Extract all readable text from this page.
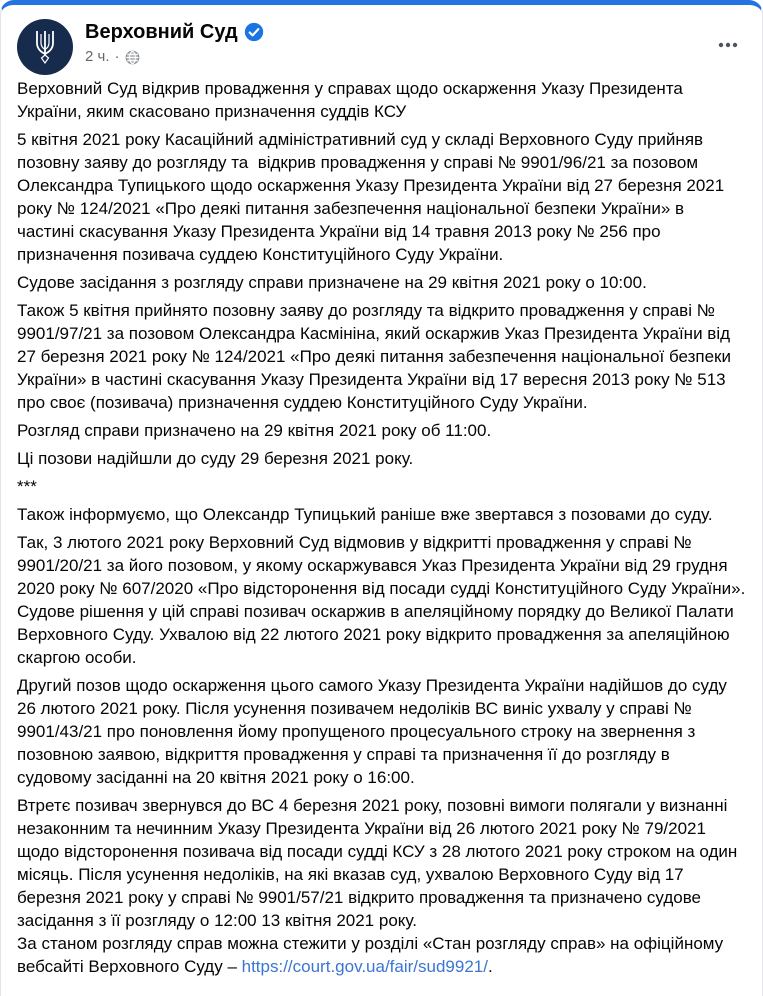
Верховний Суд
2 ч. ·

Верховний Суд відкрив провадження у справах щодо оскарження Указу Президента України, яким скасовано призначення суддів КСУ

5 квітня 2021 року Касаційний адміністративний суд у складі Верховного Суду прийняв позовну заяву до розгляду та  відкрив провадження у справі № 9901/96/21 за позовом Олександра Тупицького щодо оскарження Указу Президента України від 27 березня 2021 року № 124/2021 «Про деякі питання забезпечення національної безпеки України» в частині скасування Указу Президента України від 14 травня 2013 року № 256 про призначення позивача суддею Конституційного Суду України.

Судове засідання з розгляду справи призначене на 29 квітня 2021 року о 10:00.

Також 5 квітня прийнято позовну заяву до розгляду та відкрито провадження у справі № 9901/97/21 за позовом Олександра Касмініна, який оскаржив Указ Президента України від 27 березня 2021 року № 124/2021 «Про деякі питання забезпечення національної безпеки України» в частині скасування Указу Президента України від 17 вересня 2013 року № 513 про своє (позивача) призначення суддею Конституційного Суду України.

Розгляд справи призначено на 29 квітня 2021 року об 11:00.

Ці позови надійшли до суду 29 березня 2021 року.

***

Також інформуємо, що Олександр Тупицький раніше вже звертався з позовами до суду.

Так, 3 лютого 2021 року Верховний Суд відмовив у відкритті провадження у справі № 9901/20/21 за його позовом, у якому оскаржувався Указ Президента України від 29 грудня 2020 року № 607/2020 «Про відсторонення від посади судді Конституційного Суду України». Судове рішення у цій справі позивач оскаржив в апеляційному порядку до Великої Палати Верховного Суду. Ухвалою від 22 лютого 2021 року відкрито провадження за апеляційною скаргою особи.

Другий позов щодо оскарження цього самого Указу Президента України надійшов до суду 26 лютого 2021 року. Після усунення позивачем недоліків ВС виніс ухвалу у справі № 9901/43/21 про поновлення йому пропущеного процесуального строку на звернення з позовною заявою, відкриття провадження у справі та призначення її до розгляду в судовому засіданні на 20 квітня 2021 року о 16:00.

Втретє позивач звернувся до ВС 4 березня 2021 року, позовні вимоги полягали у визнанні незаконним та нечинним Указу Президента України від 26 лютого 2021 року № 79/2021 щодо відсторонення позивача від посади судді КСУ з 28 лютого 2021 року строком на один місяць. Після усунення недоліків, на які вказав суд, ухвалою Верховного Суду від 17 березня 2021 року у справі № 9901/57/21 відкрито провадження та призначено судове засідання з її розгляду о 12:00 13 квітня 2021 року.

За станом розгляду справ можна стежити у розділі «Стан розгляду справ» на офіційному вебсайті Верховного Суду – https://court.gov.ua/fair/sud9921/.
